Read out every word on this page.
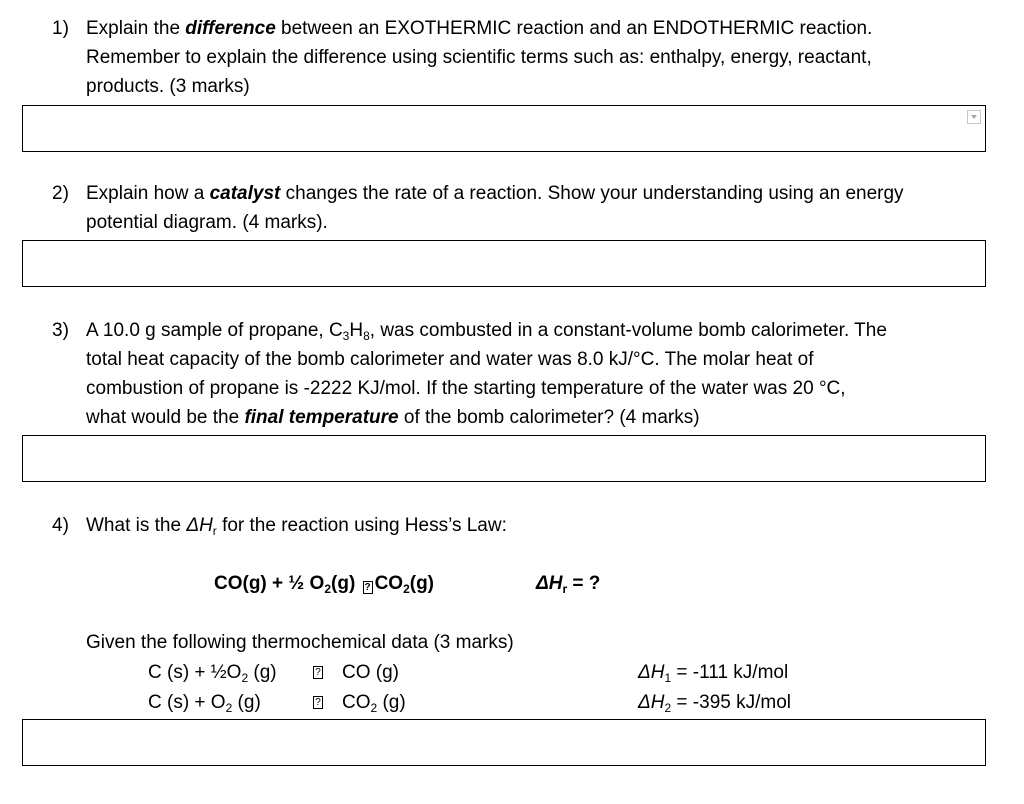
1) Explain the difference between an EXOTHERMIC reaction and an ENDOTHERMIC reaction.

Remember to explain the difference using scientific terms such as: enthalpy, energy, reactant,

products. (3 marks)

2) Explain how a catalyst changes the rate of a reaction. Show your understanding using an energy

potential diagram. (4 marks).

3) A 10.0 g sample of propane, $C_3H_8$, was combusted in a constant-volume bomb calorimeter. The

total heat capacity of the bomb calorimeter and water was 8.0 kJ/°C. The molar heat of

combustion of propane is -2222 KJ/mol. If the starting temperature of the water was 20 °C,

what would be the final temperature of the bomb calorimeter? (4 marks)

4) What is the $\Delta H_r$ for the reaction using Hess’s Law:

CO(g) + ½ $O_2(g)$ ? $CO_2(g)$	$\Delta H_r$ = ?
Given the following thermochemical data (3 marks)
C $(s) + \frac{1}{2}O_2$ (g)	? CO (g)	$\Delta H_1 = -111$ kJ/mol
C $(s) + O_2$ (g)	? $CO_2$ (g)	$\Delta H_2 = -395$ kJ/mol
